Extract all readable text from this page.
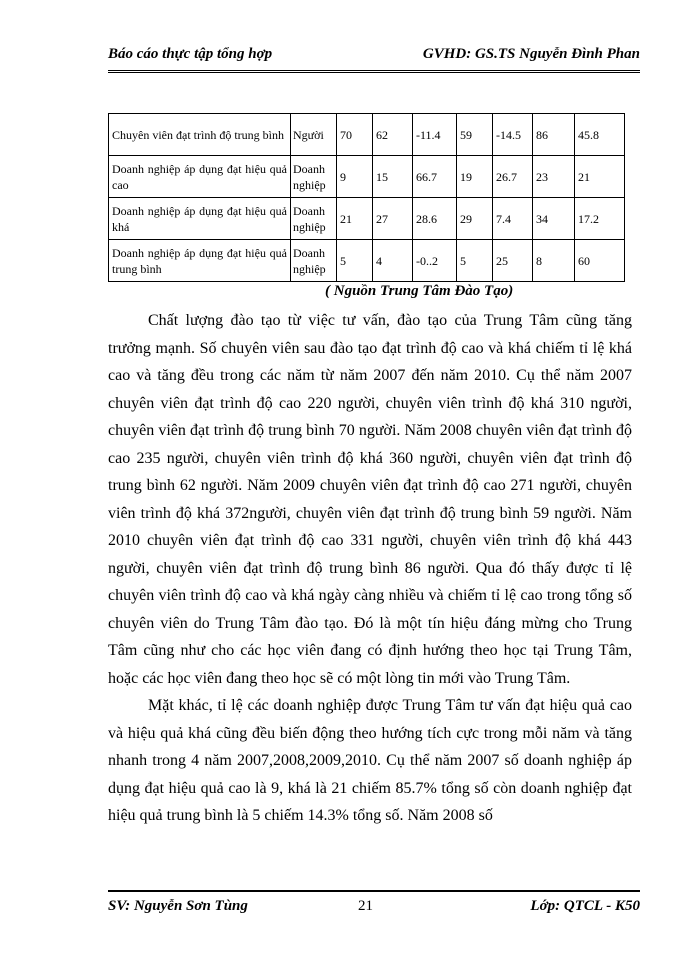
Báo cáo thực tập tổng hợp	GVHD: GS.TS Nguyễn Đình Phan
Chuyên viên đạt trình độ trung bình	Người	70	62	-11.4	59	-14.5	86	45.8
Doanh nghiệp áp dụng đạt hiệu quả cao	Doanh nghiệp	9	15	66.7	19	26.7	23	21
Doanh nghiệp áp dụng đạt hiệu quả khá	Doanh nghiệp	21	27	28.6	29	7.4	34	17.2
Doanh nghiệp áp dụng đạt hiệu quả trung bình	Doanh nghiệp	5	4	-0..2	5	25	8	60
( Nguồn Trung Tâm Đào Tạo)

Chất lượng đào tạo từ việc tư vấn, đào tạo của Trung Tâm cũng tăng trưởng mạnh. Số chuyên viên sau đào tạo đạt trình độ cao và khá chiếm tỉ lệ khá cao và tăng đều trong các năm từ năm 2007 đến năm 2010. Cụ thể năm 2007 chuyên viên đạt trình độ cao 220 người, chuyên viên trình độ khá 310 người, chuyên viên đạt trình độ trung bình 70 người. Năm 2008 chuyên viên đạt trình độ cao 235 người, chuyên viên trình độ khá 360 người, chuyên viên đạt trình độ trung bình 62 người. Năm 2009 chuyên viên đạt trình độ cao 271 người, chuyên viên trình độ khá 372người, chuyên viên đạt trình độ trung bình 59 người. Năm 2010 chuyên viên đạt trình độ cao 331 người, chuyên viên trình độ khá 443 người, chuyên viên đạt trình độ trung bình 86 người. Qua đó thấy được tỉ lệ chuyên viên trình độ cao và khá ngày càng nhiều và chiếm tỉ lệ cao trong tổng số chuyên viên do Trung Tâm đào tạo. Đó là một tín hiệu đáng mừng cho Trung Tâm cũng như cho các học viên đang có định hướng theo học tại Trung Tâm, hoặc các học viên đang theo học sẽ có một lòng tin mới vào Trung Tâm.

Mặt khác, tỉ lệ các doanh nghiệp được Trung Tâm tư vấn đạt hiệu quả cao và hiệu quả khá cũng đều biến động theo hướng tích cực trong mỗi năm và tăng nhanh trong 4 năm 2007,2008,2009,2010. Cụ thể năm 2007 số doanh nghiệp áp dụng đạt hiệu quả cao là 9, khá là 21 chiếm 85.7% tổng số còn doanh nghiệp đạt hiệu quả trung bình là 5 chiếm 14.3% tổng số. Năm 2008 số

SV: Nguyễn Sơn Tùng	21	Lớp: QTCL - K50
